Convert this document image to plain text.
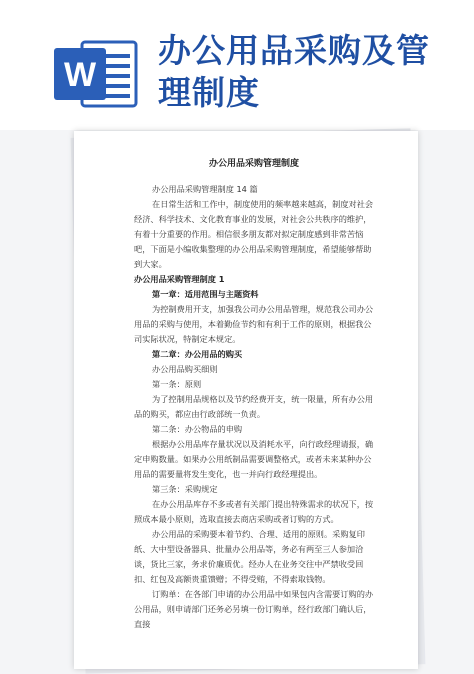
W
办公用品采购及管理制度

办公用品采购管理制度

办公用品采购管理制度 14 篇

在日常生活和工作中，制度使用的频率越来越高，制度对社会经济、科学技术、文化教育事业的发展，对社会公共秩序的维护，有着十分重要的作用。相信很多朋友都对拟定制度感到非常苦恼吧，下面是小编收集整理的办公用品采购管理制度，希望能够帮助到大家。

办公用品采购管理制度 1

第一章：适用范围与主题资料

为控制费用开支，加强我公司办公用品管理，规范我公司办公用品的采购与使用，本着勤俭节约和有利于工作的原则，根据我公司实际状况，特制定本规定。

第二章：办公用品的购买

办公用品购买细则

第一条：原则

为了控制用品规格以及节约经费开支，统一限量，所有办公用品的购买，都应由行政部统一负责。

第二条：办公物品的申购

根据办公用品库存量状况以及消耗水平，向行政经理请报，确定申购数量。如果办公用纸制品需要调整格式，或者未来某种办公用品的需要量将发生变化，也一并向行政经理提出。

第三条：采购规定

在办公用品库存不多或者有关部门提出特殊需求的状况下，按照成本最小原则，选取直接去商店采购或者订购的方式。

办公用品的采购要本着节约、合理、适用的原则。采购复印纸、大中型设备器具、批量办公用品等，务必有两至三人参加洽谈，货比三家，务求价廉质优。经办人在业务交往中严禁收受回扣、红包及高额贵重馈赠；不得受贿，不得索取钱物。

订购单：在各部门申请的办公用品中如果包内含需要订购的办公用品，则申请部门还务必另填一份订购单，经行政部门确认后，直接
